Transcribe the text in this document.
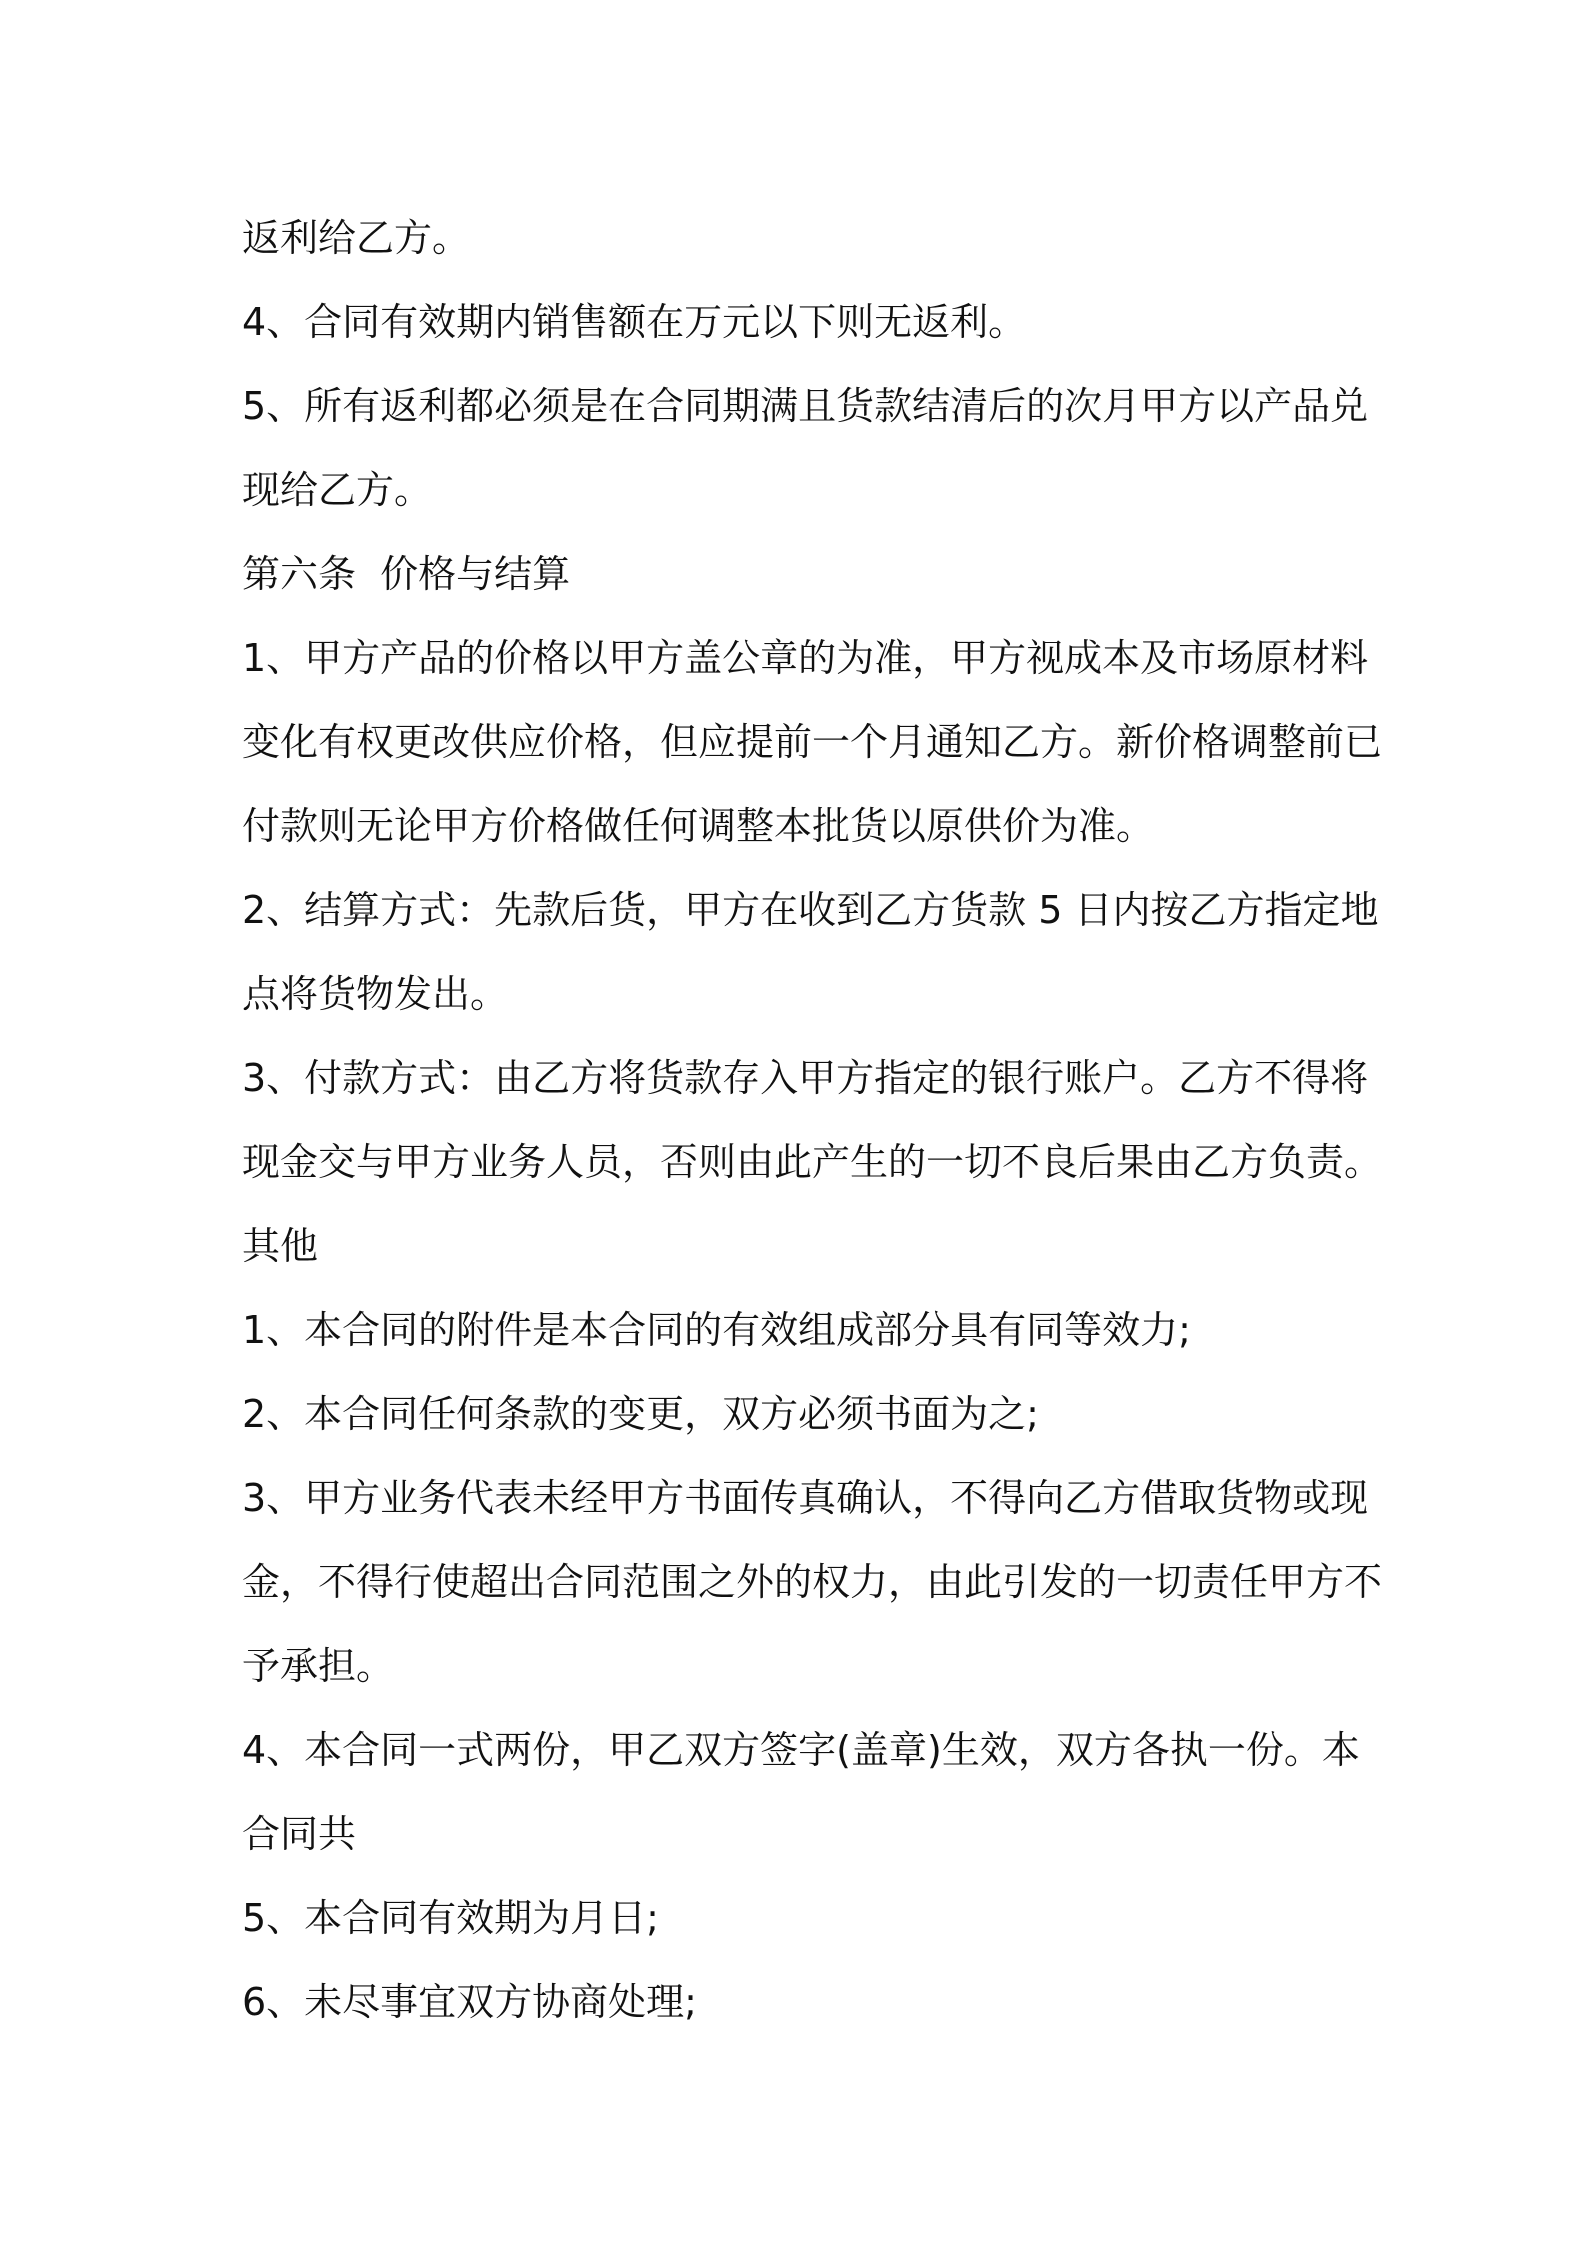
返利给乙方。
4、合同有效期内销售额在万元以下则无返利。
5、所有返利都必须是在合同期满且货款结清后的次月甲方以产品兑
现给乙方。
第六条  价格与结算
1、甲方产品的价格以甲方盖公章的为准，甲方视成本及市场原材料
变化有权更改供应价格，但应提前一个月通知乙方。新价格调整前已
付款则无论甲方价格做任何调整本批货以原供价为准。
2、结算方式：先款后货，甲方在收到乙方货款 5 日内按乙方指定地
点将货物发出。
3、付款方式：由乙方将货款存入甲方指定的银行账户。乙方不得将
现金交与甲方业务人员，否则由此产生的一切不良后果由乙方负责。
其他
1、本合同的附件是本合同的有效组成部分具有同等效力;
2、本合同任何条款的变更，双方必须书面为之;
3、甲方业务代表未经甲方书面传真确认，不得向乙方借取货物或现
金，不得行使超出合同范围之外的权力，由此引发的一切责任甲方不
予承担。
4、本合同一式两份，甲乙双方签字(盖章)生效，双方各执一份。本
合同共
5、本合同有效期为月日;
6、未尽事宜双方协商处理;
